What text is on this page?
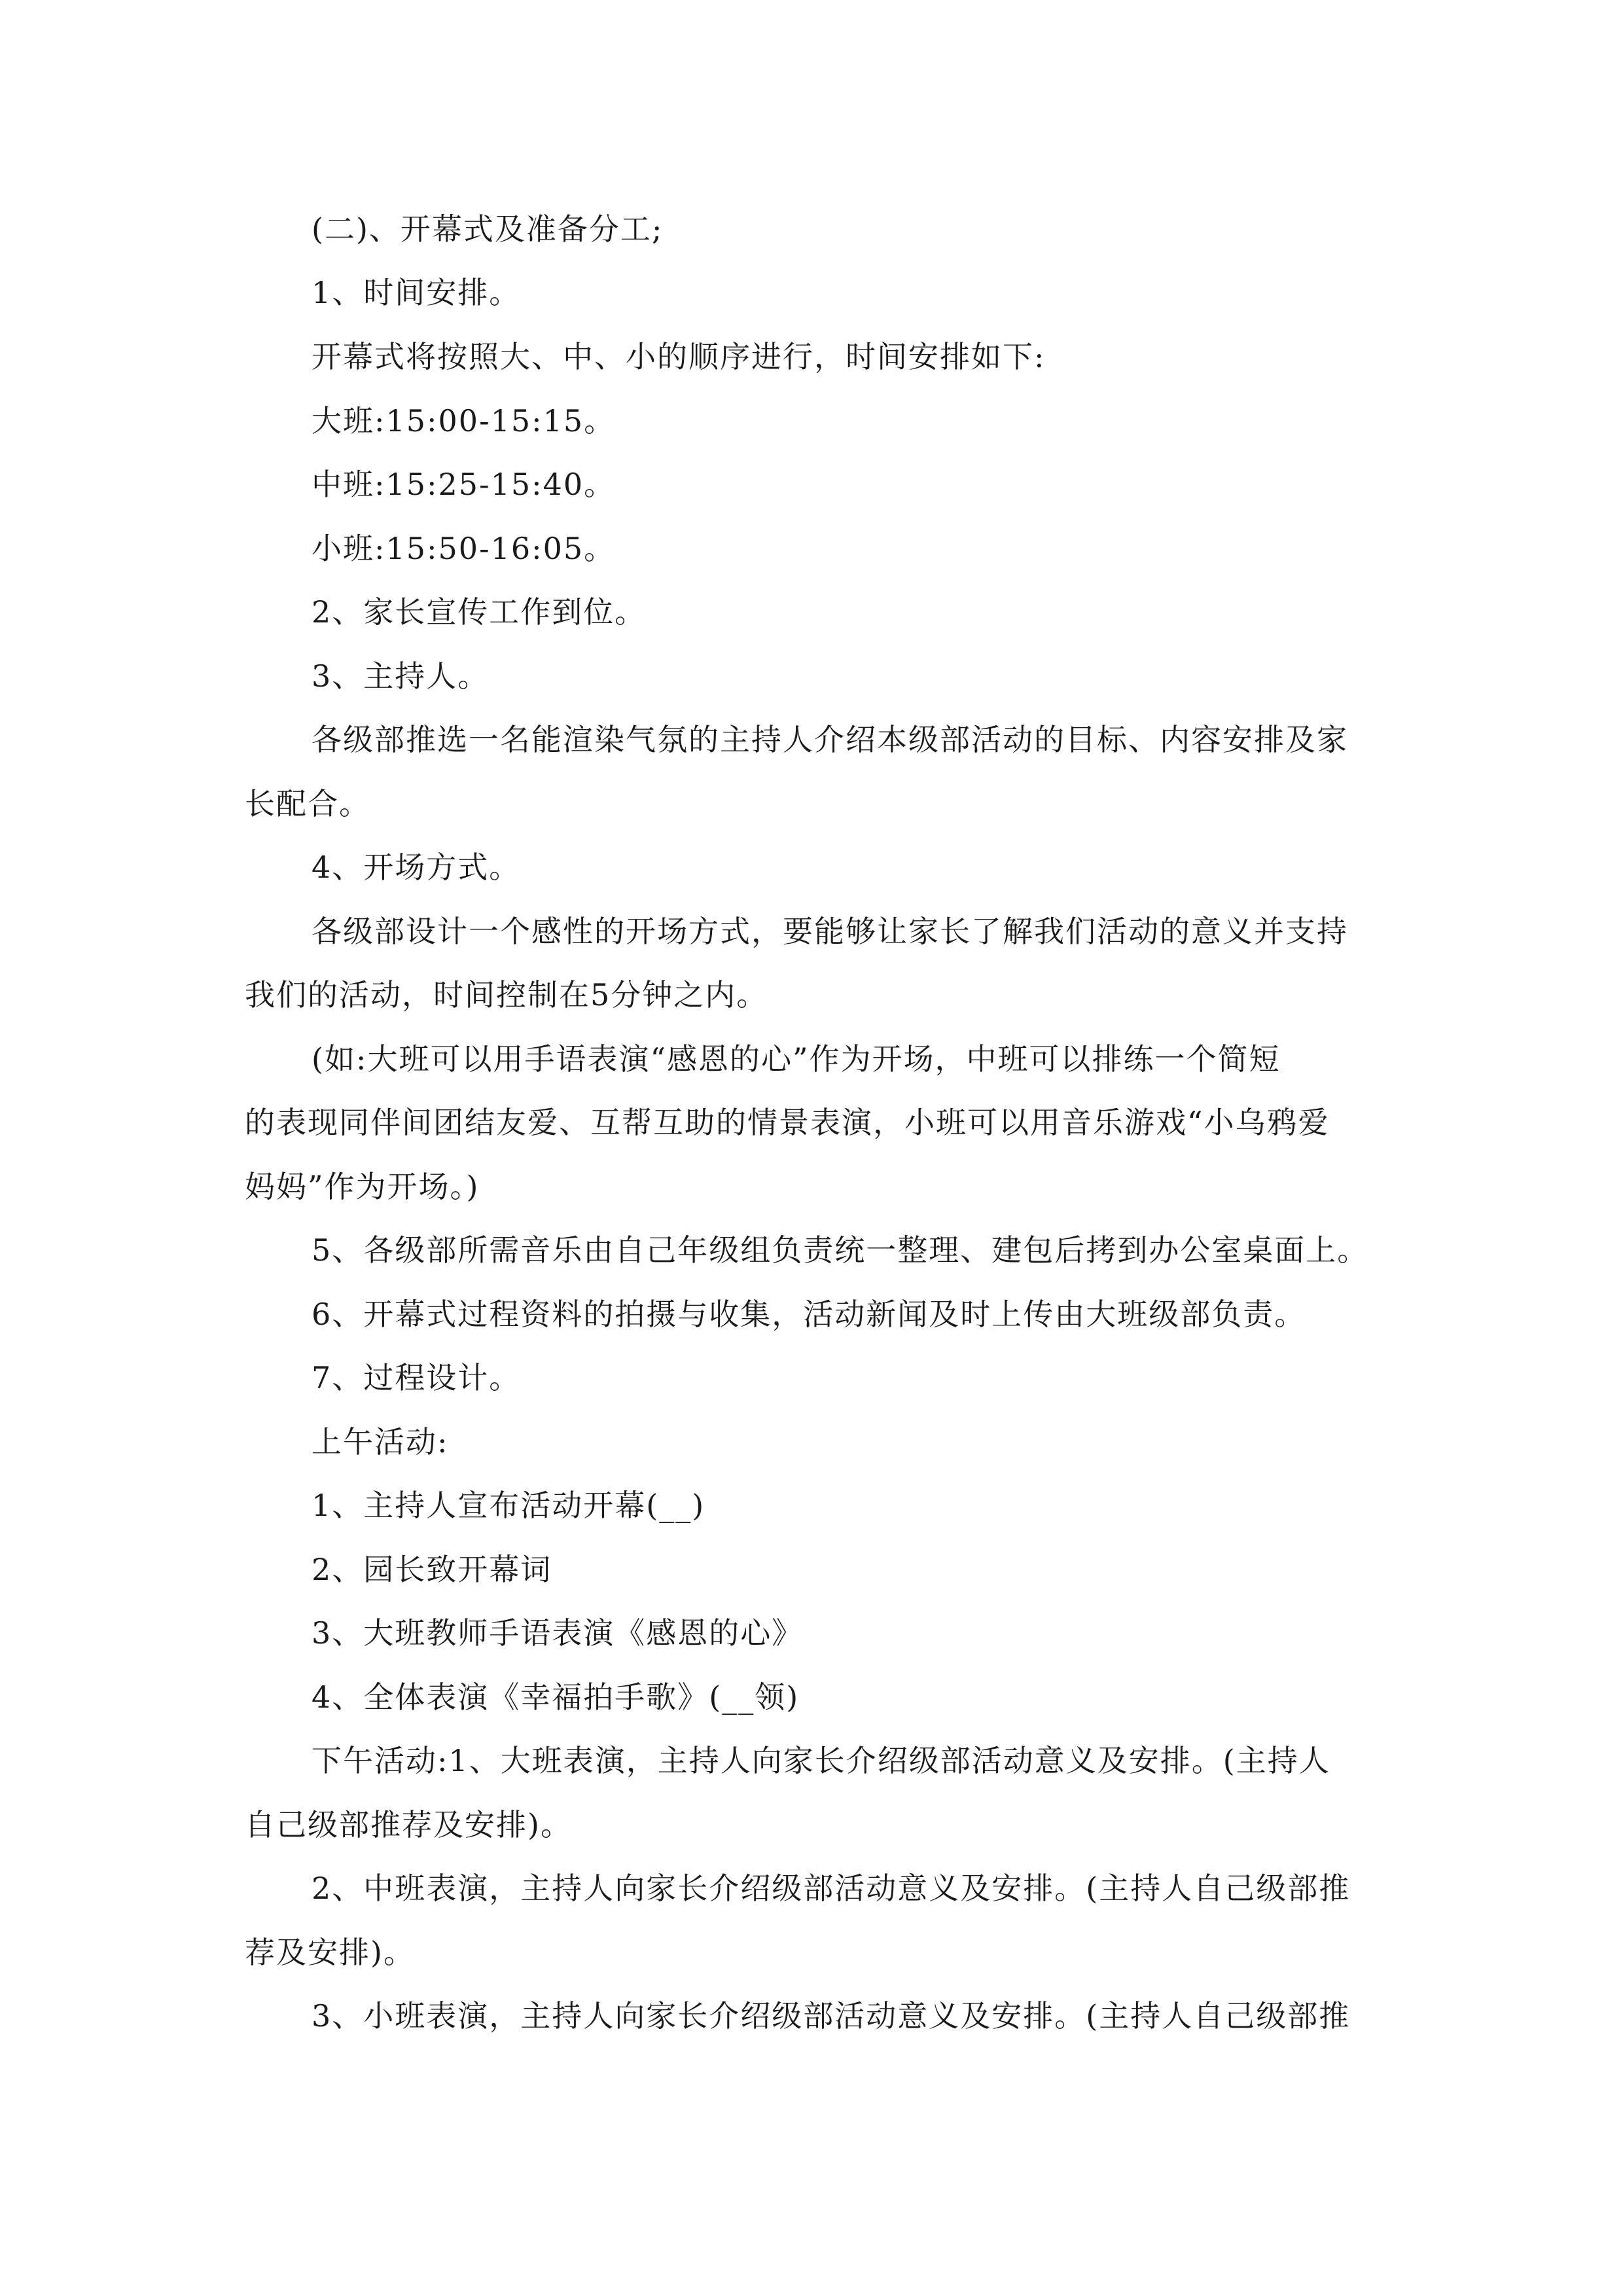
(二)、开幕式及准备分工;
1、时间安排。
开幕式将按照大、中、小的顺序进行，时间安排如下:
大班:15:00-15:15。
中班:15:25-15:40。
小班:15:50-16:05。
2、家长宣传工作到位。
3、主持人。
各级部推选一名能渲染气氛的主持人介绍本级部活动的目标、内容安排及家
长配合。
4、开场方式。
各级部设计一个感性的开场方式，要能够让家长了解我们活动的意义并支持
我们的活动，时间控制在5分钟之内。
(如:大班可以用手语表演“感恩的心”作为开场，中班可以排练一个简短
的表现同伴间团结友爱、互帮互助的情景表演，小班可以用音乐游戏“小乌鸦爱
妈妈”作为开场。)
5、各级部所需音乐由自己年级组负责统一整理、建包后拷到办公室桌面上。
6、开幕式过程资料的拍摄与收集，活动新闻及时上传由大班级部负责。
7、过程设计。
上午活动:
1、主持人宣布活动开幕(__)
2、园长致开幕词
3、大班教师手语表演《感恩的心》
4、全体表演《幸福拍手歌》(__领)
下午活动:1、大班表演，主持人向家长介绍级部活动意义及安排。(主持人
自己级部推荐及安排)。
2、中班表演，主持人向家长介绍级部活动意义及安排。(主持人自己级部推
荐及安排)。
3、小班表演，主持人向家长介绍级部活动意义及安排。(主持人自己级部推
